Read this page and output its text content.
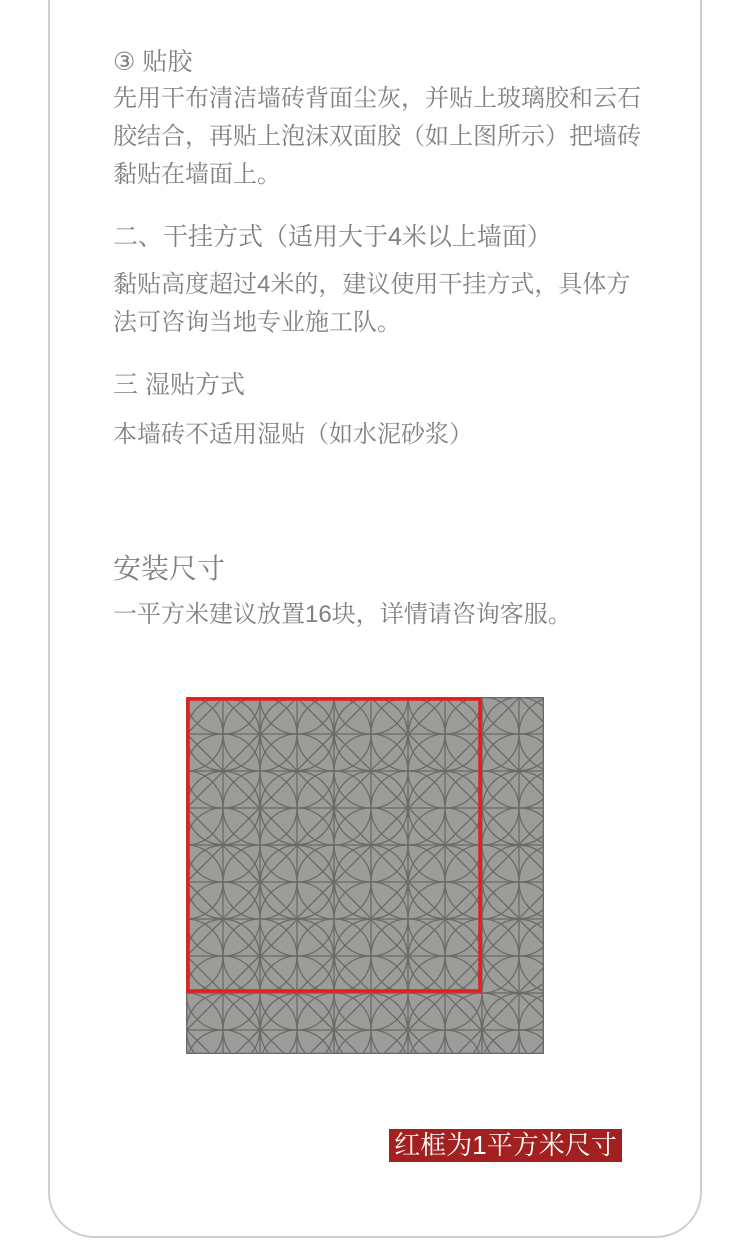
③ 贴胶
先用干布清洁墙砖背面尘灰，并贴上玻璃胶和云石
胶结合，再贴上泡沫双面胶（如上图所示）把墙砖
黏贴在墙面上。
二、干挂方式（适用大于4米以上墙面）
黏贴高度超过4米的，建议使用干挂方式，具体方
法可咨询当地专业施工队。
三 湿贴方式
本墙砖不适用湿贴（如水泥砂浆）
安装尺寸
一平方米建议放置16块，详情请咨询客服。
红框为1平方米尺寸
